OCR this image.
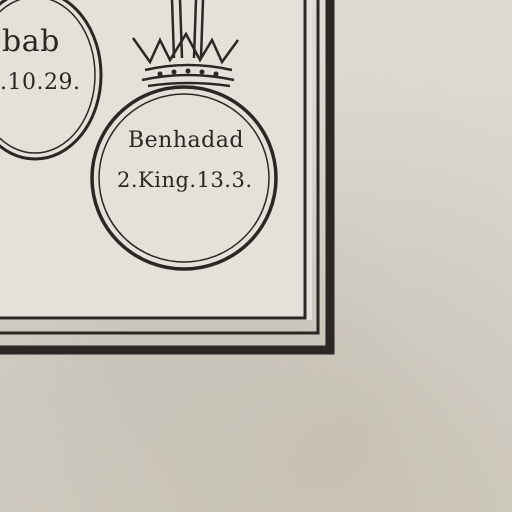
bab
.10.29.
Benhadad
2.King.13.3.
